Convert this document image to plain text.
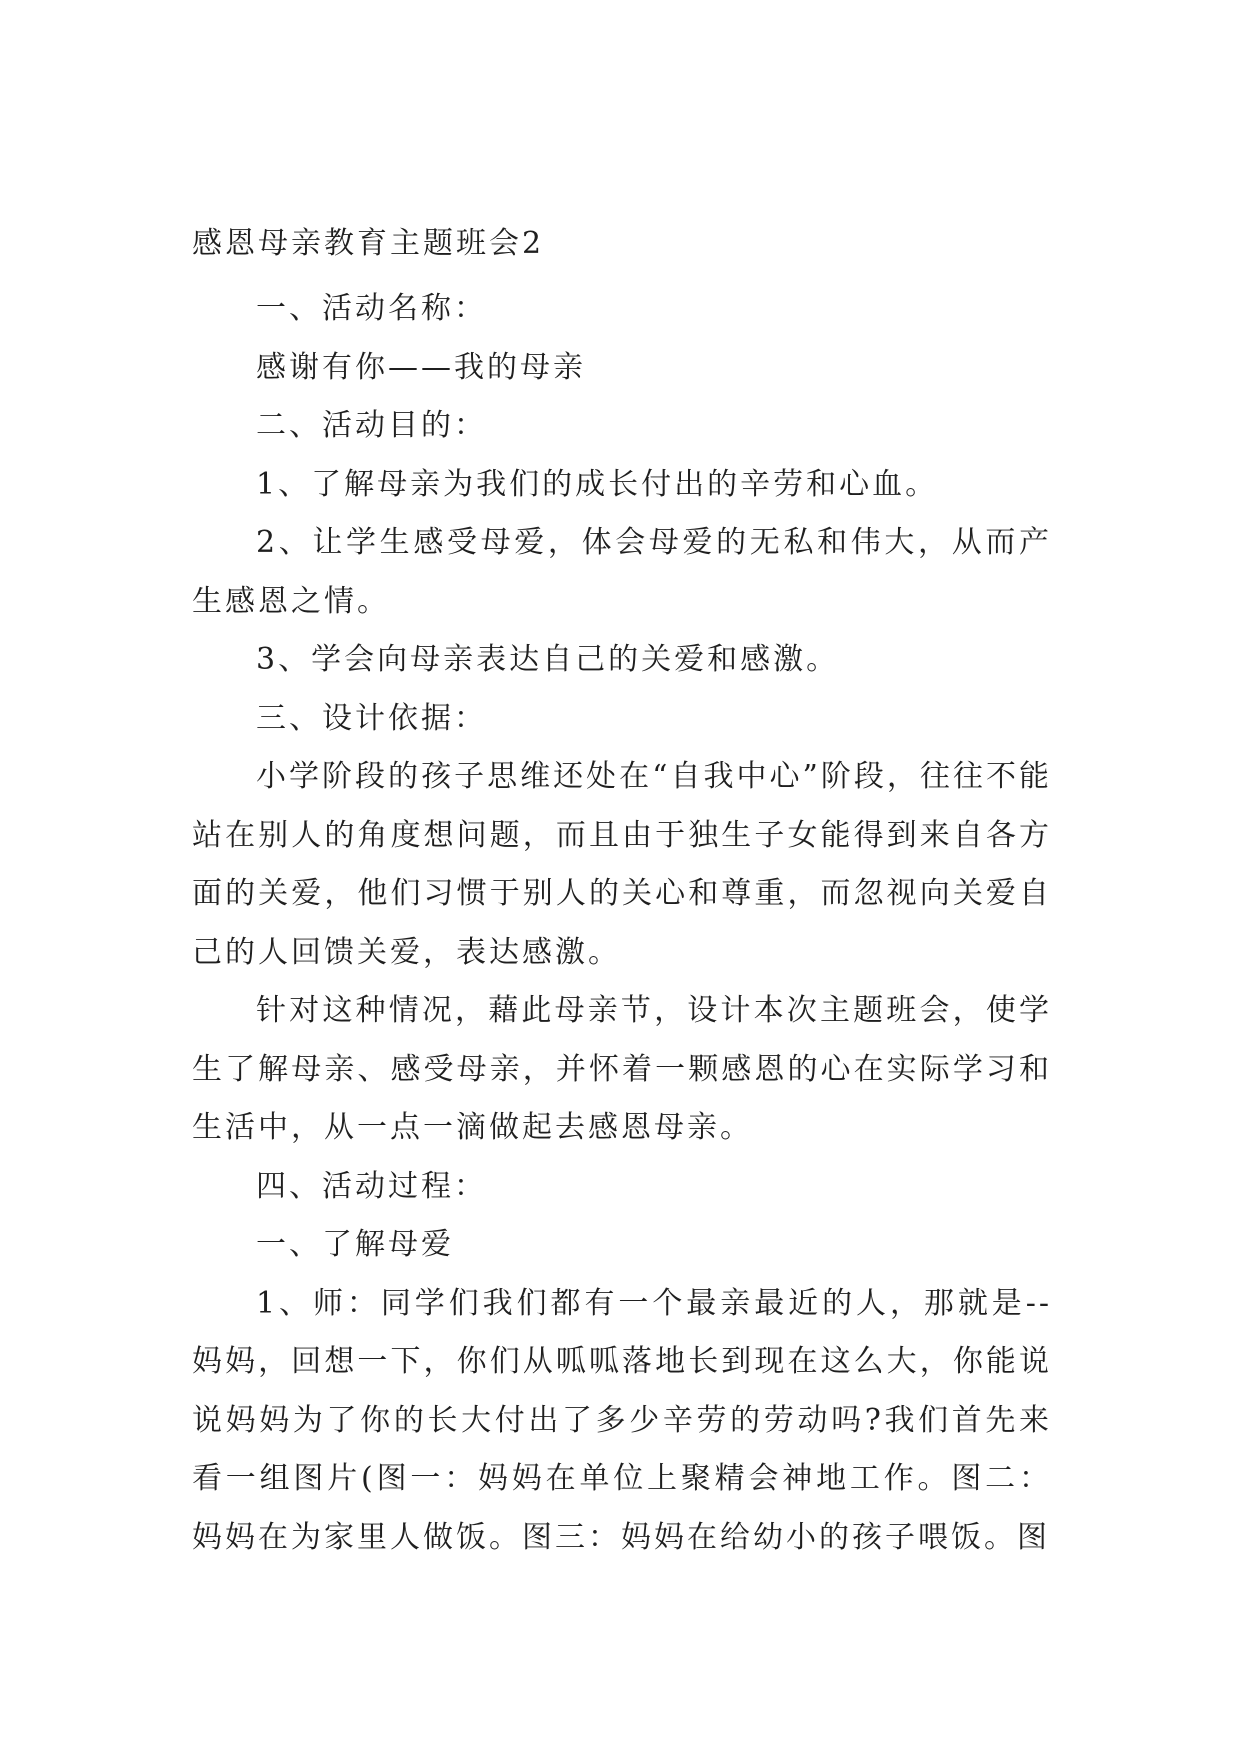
感恩母亲教育主题班会2

一、活动名称：

感谢有你——我的母亲

二、活动目的：

1、了解母亲为我们的成长付出的辛劳和心血。

2、让学生感受母爱，体会母爱的无私和伟大，从而产生感恩之情。

3、学会向母亲表达自己的关爱和感激。

三、设计依据：

小学阶段的孩子思维还处在“自我中心”阶段，往往不能站在别人的角度想问题，而且由于独生子女能得到来自各方面的关爱，他们习惯于别人的关心和尊重，而忽视向关爱自己的人回馈关爱，表达感激。

针对这种情况，藉此母亲节，设计本次主题班会，使学生了解母亲、感受母亲，并怀着一颗感恩的心在实际学习和生活中，从一点一滴做起去感恩母亲。

四、活动过程：

一、了解母爱

1、师：同学们我们都有一个最亲最近的人，那就是--妈妈，回想一下，你们从呱呱落地长到现在这么大，你能说说妈妈为了你的长大付出了多少辛劳的劳动吗?我们首先来看一组图片(图一：妈妈在单位上聚精会神地工作。图二：妈妈在为家里人做饭。图三：妈妈在给幼小的孩子喂饭。图
